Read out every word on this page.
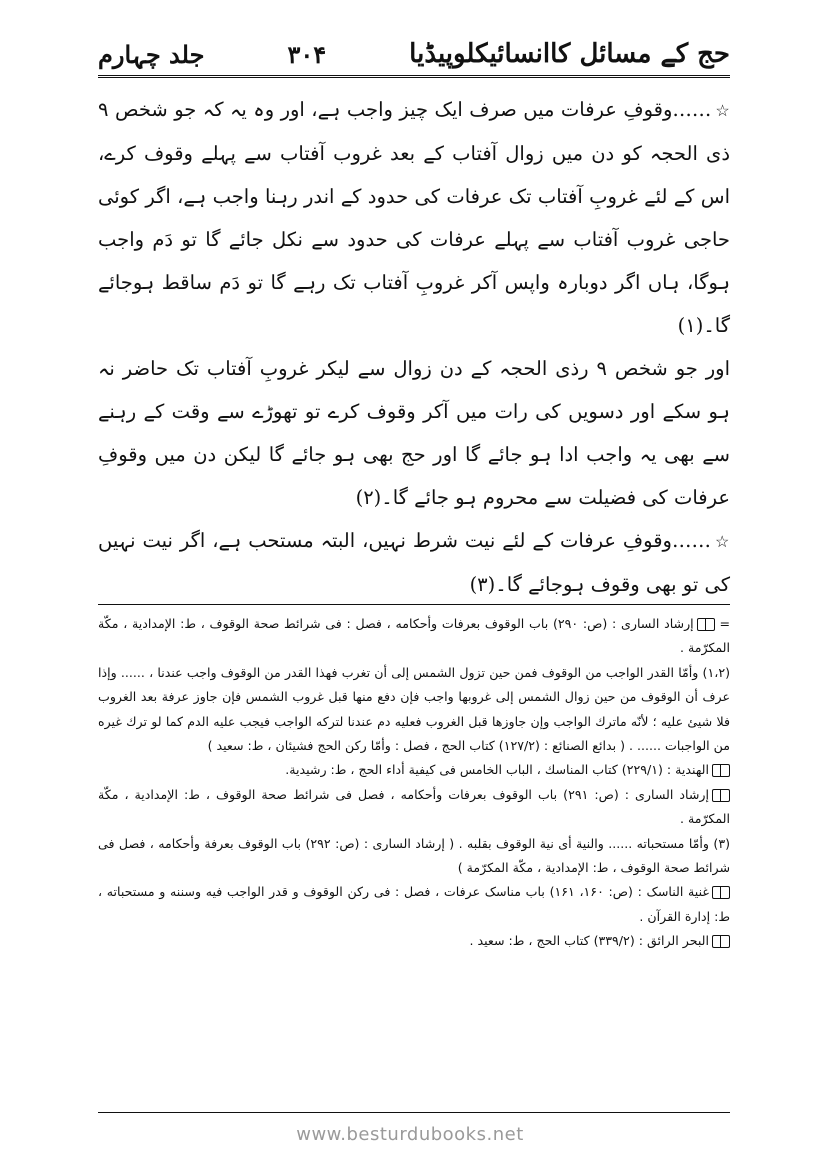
حج کے مسائل کاانسائیکلوپیڈیا
۳۰۴
جلد چہارم

☆……وقوفِ عرفات میں صرف ایک چیز واجب ہے، اور وہ یہ کہ جو شخص ۹ ذی الحجہ کو دن میں زوال آفتاب کے بعد غروب آفتاب سے پہلے وقوف کرے، اس کے لئے غروبِ آفتاب تک عرفات کی حدود کے اندر رہنا واجب ہے، اگر کوئی حاجی غروب آفتاب سے پہلے عرفات کی حدود سے نکل جائے گا تو دَم واجب ہوگا، ہاں اگر دوبارہ واپس آکر غروبِ آفتاب تک رہے گا تو دَم ساقط ہوجائے گا۔(۱)

اور جو شخص ۹ رذی الحجہ کے دن زوال سے لیکر غروبِ آفتاب تک حاضر نہ ہو سکے اور دسویں کی رات میں آکر وقوف کرے تو تھوڑے سے وقت کے رہنے سے بھی یہ واجب ادا ہو جائے گا اور حج بھی ہو جائے گا لیکن دن میں وقوفِ عرفات کی فضیلت سے محروم ہو جائے گا۔(۲)

☆……وقوفِ عرفات کے لئے نیت شرط نہیں، البتہ مستحب ہے، اگر نیت نہیں کی تو بھی وقوف ہوجائے گا۔(۳)

= إرشاد الساری : (ص: ۲۹۰) باب الوقوف بعرفات وأحكامه ، فصل : فی شرائط صحة الوقوف ، ط: الإمدادية ، مكّة المكرّمة .

(۱،۲) وأمّا القدر الواجب من الوقوف فمن حين تزول الشمس إلى أن تغرب فهذا القدر من الوقوف واجب عندنا ، ...... وإذا عرف أن الوقوف من حين زوال الشمس إلى غروبها واجب فإن دفع منها قبل غروب الشمس فإن جاوز عرفة بعد الغروب فلا شيئ عليه ؛ لأنّه ماترك الواجب وإن جاوزها قبل الغروب فعليه دم عندنا لتركه الواجب فيجب عليه الدم كما لو ترك غيره من الواجبات ...... . ( بدائع الصنائع : (۱۲۷/۲) كتاب الحج ، فصل : وأمّا ركن الحج فشيئان ، ط: سعيد )

الهندية : (۲۲۹/۱) كتاب المناسك ، الباب الخامس فی كيفية أداء الحج ، ط: رشيدية.

إرشاد الساری : (ص: ۲۹۱) باب الوقوف بعرفات وأحكامه ، فصل فی شرائط صحة الوقوف ، ط: الإمدادية ، مكّة المكرّمة .

(۳) وأمّا مستحباته ...... والنية أی نية الوقوف بقلبه . ( إرشاد الساری : (ص: ۲۹۲) باب الوقوف بعرفة وأحكامه ، فصل فی شرائط صحة الوقوف ، ط: الإمدادية ، مكّة المكرّمة )

غنية الناسک : (ص: ۱۶۰، ۱۶۱) باب مناسک عرفات ، فصل : فی ركن الوقوف و قدر الواجب فيه وسننه و مستحباته ، ط: إدارة القرآن .

البحر الرائق : (۳۳۹/۲) كتاب الحج ، ط: سعيد .

www.besturdubooks.net
